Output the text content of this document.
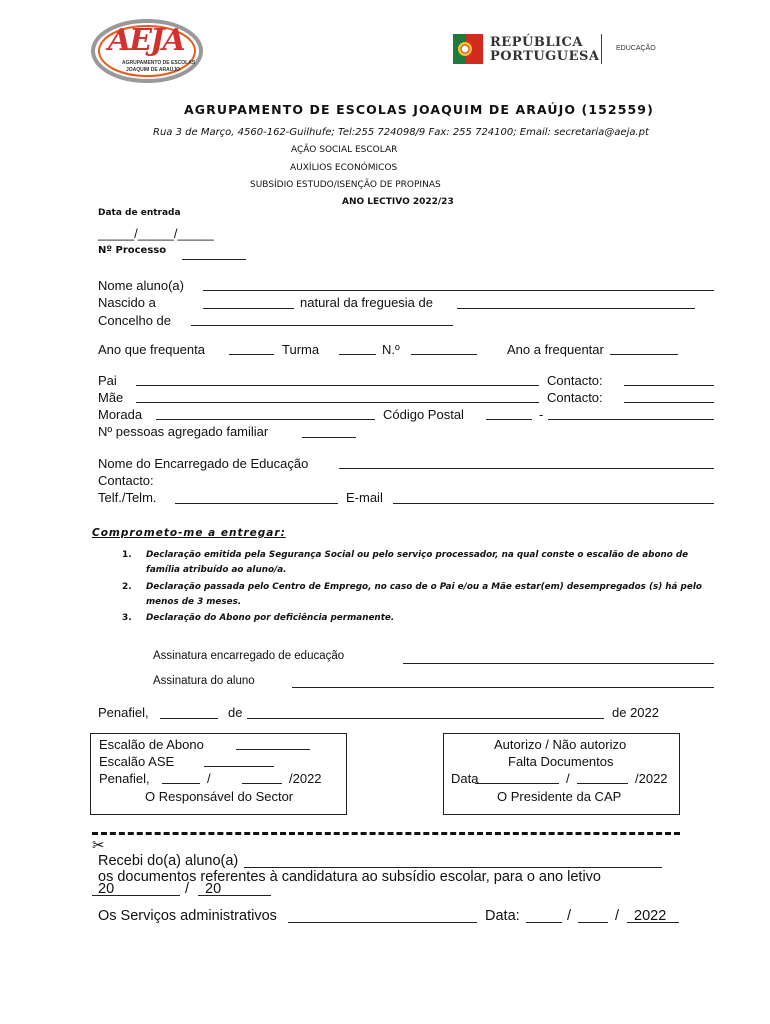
AEJA
AGRUPAMENTO DE ESCOLAS
JOAQUIM DE ARAÚJO
REPÚBLICA
PORTUGUESA
EDUCAÇÃO
AGRUPAMENTO DE ESCOLAS JOAQUIM DE ARAÚJO (152559)
Rua 3 de Março, 4560-162-Guilhufe; Tel:255 724098/9 Fax: 255 724100; Email: secretaria@aeja.pt
AÇÃO SOCIAL ESCOLAR
AUXÍLIOS ECONÓMICOS
SUBSÍDIO ESTUDO/ISENÇÃO DE PROPINAS
ANO LECTIVO 2022/23
Data de entrada
_____/_____/_____
Nº Processo
Nome aluno(a)
Nascido a	natural da freguesia de
Concelho de
Ano que frequenta	Turma	N.º	Ano a frequentar
Pai	Contacto:
Mãe	Contacto:
Morada	Código Postal	-
Nº pessoas agregado familiar
Nome do Encarregado de Educação
Contacto:
Telf./Telm.	E-mail
Comprometo-me a entregar:
1. Declaração emitida pela Segurança Social ou pelo serviço processador, na qual conste o escalão de abono de
família atribuído ao aluno/a.
2. Declaração passada pelo Centro de Emprego, no caso de o Pai e/ou a Mãe estar(em) desempregados (s) há pelo
menos de 3 meses.
3. Declaração do Abono por deficiência permanente.
Assinatura encarregado de educação
Assinatura do aluno
Penafiel,	de	de 2022
Escalão de Abono
Escalão ASE
Penafiel,	/	/2022
O Responsável do Sector
Autorizo / Não autorizo
Falta Documentos
Data	/	/2022
O Presidente da CAP
✂
Recebi do(a) aluno(a)
os documentos referentes à candidatura ao subsídio escolar, para o ano letivo
20	/ 20
Os Serviços administrativos	Data:	/	/ 2022
